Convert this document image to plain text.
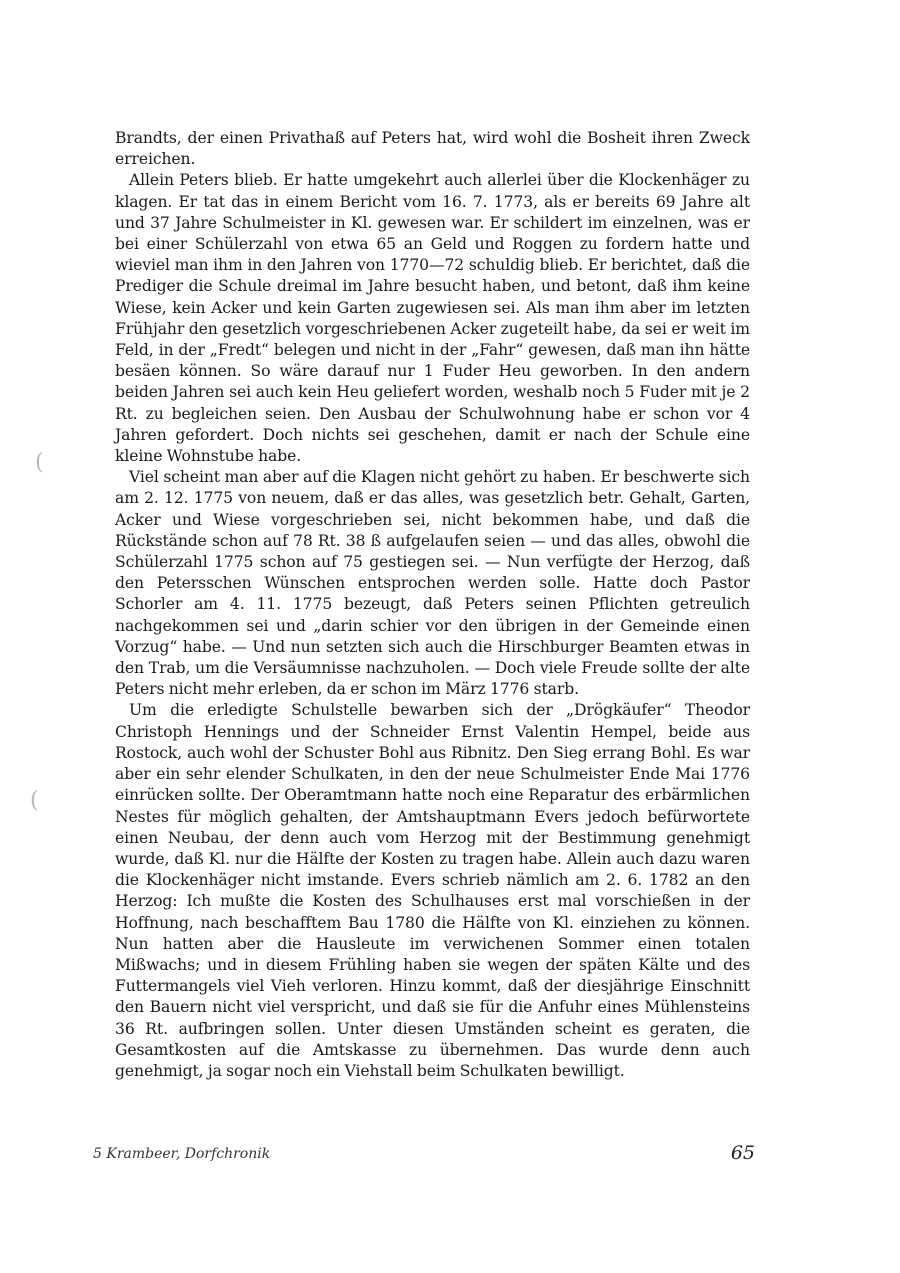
Brandts, der einen Privathaß auf Peters hat, wird wohl die Bosheit ihren Zweck erreichen.

Allein Peters blieb. Er hatte umgekehrt auch allerlei über die Klockenhäger zu klagen. Er tat das in einem Bericht vom 16. 7. 1773, als er bereits 69 Jahre alt und 37 Jahre Schulmeister in Kl. gewesen war. Er schildert im einzelnen, was er bei einer Schülerzahl von etwa 65 an Geld und Roggen zu fordern hatte und wieviel man ihm in den Jahren von 1770—72 schuldig blieb. Er berichtet, daß die Prediger die Schule dreimal im Jahre besucht haben, und betont, daß ihm keine Wiese, kein Acker und kein Garten zugewiesen sei. Als man ihm aber im letzten Frühjahr den gesetzlich vorgeschriebenen Acker zugeteilt habe, da sei er weit im Feld, in der „Fredt“ belegen und nicht in der „Fahr“ gewesen, daß man ihn hätte besäen können. So wäre darauf nur 1 Fuder Heu geworben. In den andern beiden Jahren sei auch kein Heu geliefert worden, weshalb noch 5 Fuder mit je 2 Rt. zu begleichen seien. Den Ausbau der Schulwohnung habe er schon vor 4 Jahren gefordert. Doch nichts sei geschehen, damit er nach der Schule eine kleine Wohnstube habe.

Viel scheint man aber auf die Klagen nicht gehört zu haben. Er beschwerte sich am 2. 12. 1775 von neuem, daß er das alles, was gesetzlich betr. Gehalt, Garten, Acker und Wiese vorgeschrieben sei, nicht bekommen habe, und daß die Rückstände schon auf 78 Rt. 38 ß aufgelaufen seien — und das alles, obwohl die Schülerzahl 1775 schon auf 75 gestiegen sei. — Nun verfügte der Herzog, daß den Petersschen Wünschen entsprochen werden solle. Hatte doch Pastor Schorler am 4. 11. 1775 bezeugt, daß Peters seinen Pflichten getreulich nachgekommen sei und „darin schier vor den übrigen in der Gemeinde einen Vorzug“ habe. — Und nun setzten sich auch die Hirschburger Beamten etwas in den Trab, um die Versäumnisse nachzuholen. — Doch viele Freude sollte der alte Peters nicht mehr erleben, da er schon im März 1776 starb.

Um die erledigte Schulstelle bewarben sich der „Drögkäufer“ Theodor Christoph Hennings und der Schneider Ernst Valentin Hempel, beide aus Rostock, auch wohl der Schuster Bohl aus Ribnitz. Den Sieg errang Bohl. Es war aber ein sehr elender Schulkaten, in den der neue Schulmeister Ende Mai 1776 einrücken sollte. Der Oberamtmann hatte noch eine Reparatur des erbärmlichen Nestes für möglich gehalten, der Amtshauptmann Evers jedoch befürwortete einen Neubau, der denn auch vom Herzog mit der Bestimmung genehmigt wurde, daß Kl. nur die Hälfte der Kosten zu tragen habe. Allein auch dazu waren die Klockenhäger nicht imstande. Evers schrieb nämlich am 2. 6. 1782 an den Herzog: Ich mußte die Kosten des Schulhauses erst mal vorschießen in der Hoffnung, nach beschafftem Bau 1780 die Hälfte von Kl. einziehen zu können. Nun hatten aber die Hausleute im verwichenen Sommer einen totalen Mißwachs; und in diesem Frühling haben sie wegen der späten Kälte und des Futtermangels viel Vieh verloren. Hinzu kommt, daß der diesjährige Einschnitt den Bauern nicht viel verspricht, und daß sie für die Anfuhr eines Mühlensteins 36 Rt. aufbringen sollen. Unter diesen Umständen scheint es geraten, die Gesamtkosten auf die Amtskasse zu übernehmen. Das wurde denn auch genehmigt, ja sogar noch ein Viehstall beim Schulkaten bewilligt.

(
(
5 Krambeer, Dorfchronik	65
